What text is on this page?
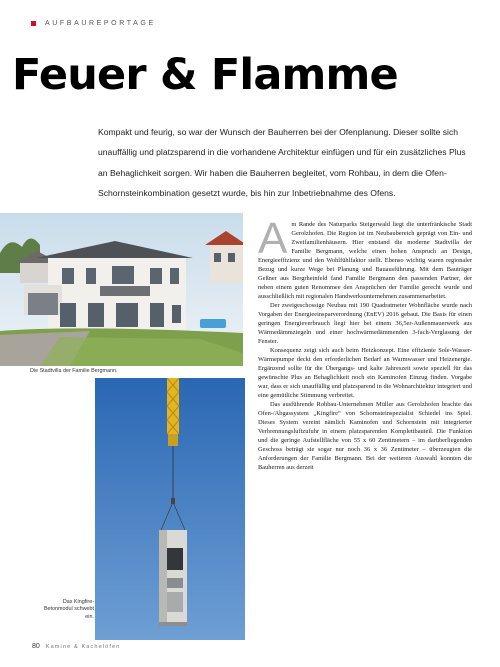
AUFBAUREPORTAGE
Feuer & Flamme

Kompakt und feurig, so war der Wunsch der Bauherren bei der Ofenplanung. Dieser sollte sich unauffällig und platzsparend in die vorhandene Architektur einfügen und für ein zusätzliches Plus an Behaglichkeit sorgen. Wir haben die Bauherren begleitet, vom Rohbau, in dem die Ofen-Schornsteinkombination gesetzt wurde, bis hin zur Inbetriebnahme des Ofens.

Die Stadtvilla der Familie Bergmann.
Das Kingfire-Betonmodul schwebt ein.

Am Rande des Naturparks Steigerwald liegt die unterfränkische Stadt Gerolzhofen. Die Region ist im Neubaubereich geprägt von Ein- und Zweifamilienhäusern. Hier entstand die moderne Stadtvilla der Familie Bergmann, welche einen hohen Anspruch an Design, Energieeffizienz und den Wohlfühlfaktor stellt. Ebenso wichtig waren regionaler Bezug und kurze Wege bei Planung und Bauausführung. Mit dem Bauträger Geßner aus Bergrheinfeld fand Familie Bergmann den passenden Partner, der neben einem guten Renommee den Ansprüchen der Familie gerecht wurde und ausschließlich mit regionalen Handwerksunternehmen zusammenarbeitet.

Der zweigeschossige Neubau mit 190 Quadratmeter Wohnfläche wurde nach Vorgaben der Energieeinsparverordnung (EnEV) 2016 gebaut. Die Basis für einen geringen Energieverbrauch liegt hier bei einem 36,5er-Außenmauerwerk aus Wärmedämmziegeln und einer hochwärmedämmenden 3-fach-Verglasung der Fenster.

Konsequenz zeigt sich auch beim Heizkonzept. Eine effiziente Sole-Wasser-Wärmepumpe deckt den erforderlichen Bedarf an Warmwasser und Heizenergie. Ergänzend sollte für die Übergangs- und kalte Jahreszeit sowie speziell für das gewünschte Plus an Behaglichkeit noch ein Kaminofen Einzug finden. Vorgabe war, dass er sich unauffällig und platzsparend in die Wohnarchitektur integriert und eine gemütliche Stimmung verbreitet.

Das ausführende Rohbau-Unternehmen Müller aus Gerolzhofen brachte das Ofen-/Abgassystem „Kingfire“ von Schornsteinspezialist Schiedel ins Spiel. Dieses System vereint nämlich Kaminofen und Schornstein mit integrierter Verbrennungsluftzufuhr in einem platzsparenden Komplettbauteil. Die Funktion und die geringe Aufstellfläche von 55 x 60 Zentimetern – im darüberliegenden Geschoss beträgt sie sogar nur noch 36 x 36 Zentimeter – überzeugten die Anforderungen der Familie Bergmann. Bei der weiteren Auswahl konnten die Bauherren aus derzeit

80 Kamine & Kachelöfen
